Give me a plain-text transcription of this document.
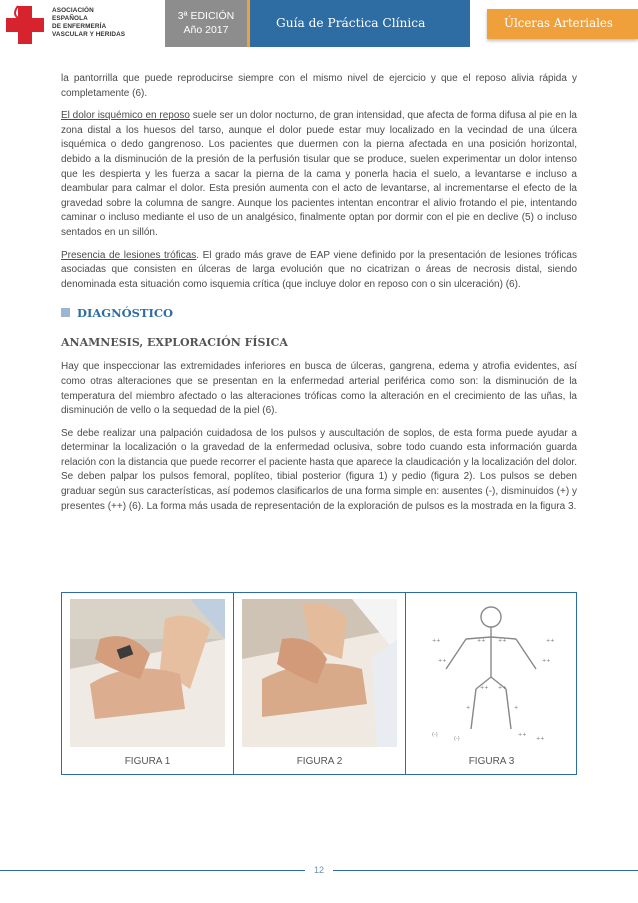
ASOCIACIÓN
ESPAÑOLA
DE ENFERMERÍA
VASCULAR Y HERIDAS
3ª EDICIÓN
Año 2017	Guía de Práctica Clínica	Úlceras Arteriales

la pantorrilla que puede reproducirse siempre con el mismo nivel de ejercicio y que el reposo alivia rápida y completamente (6).

El dolor isquémico en reposo suele ser un dolor nocturno, de gran intensidad, que afecta de forma difusa al pie en la zona distal a los huesos del tarso, aunque el dolor puede estar muy localizado en la vecindad de una úlcera isquémica o dedo gangrenoso. Los pacientes que duermen con la pierna afectada en una posición horizontal, debido a la disminución de la presión de la perfusión tisular que se produce, suelen experimentar un dolor intenso que les despierta y les fuerza a sacar la pierna de la cama y ponerla hacia el suelo, a levantarse e incluso a deambular para calmar el dolor. Esta presión aumenta con el acto de levantarse, al incrementarse el efecto de la gravedad sobre la columna de sangre. Aunque los pacientes intentan encontrar el alivio frotando el pie, intentando caminar o incluso mediante el uso de un analgésico, finalmente optan por dormir con el pie en declive (5) o incluso sentados en un sillón.

Presencia de lesiones tróficas. El grado más grave de EAP viene definido por la presentación de lesiones tróficas asociadas que consisten en úlceras de larga evolución que no cicatrizan o áreas de necrosis distal, siendo denominada esta situación como isquemia crítica (que incluye dolor en reposo con o sin ulceración) (6).

DIAGNÓSTICO
ANAMNESIS, EXPLORACIÓN FÍSICA

Hay que inspeccionar las extremidades inferiores en busca de úlceras, gangrena, edema y atrofia evidentes, así como otras alteraciones que se presentan en la enfermedad arterial periférica como son: la disminución de la temperatura del miembro afectado o las alteraciones tróficas como la alteración en el crecimiento de las uñas, la disminución de vello o la sequedad de la piel (6).

Se debe realizar una palpación cuidadosa de los pulsos y auscultación de soplos, de esta forma puede ayudar a determinar la localización o la gravedad de la enfermedad oclusiva, sobre todo cuando esta información guarda relación con la distancia que puede recorrer el paciente hasta que aparece la claudicación y la localización del dolor. Se deben palpar los pulsos femoral, poplíteo, tibial posterior (figura 1) y pedio (figura 2). Los pulsos se deben graduar según sus características, así podemos clasificarlos de una forma simple en: ausentes (-), disminuidos (+) y presentes (++) (6). La forma más usada de representación de la exploración de pulsos es la mostrada en la figura 3.

FIGURA 1	FIGURA 2
++	++
++	++
++	++
++ ++
+	+
(-)
(-)
++
++
FIGURA 3
12
